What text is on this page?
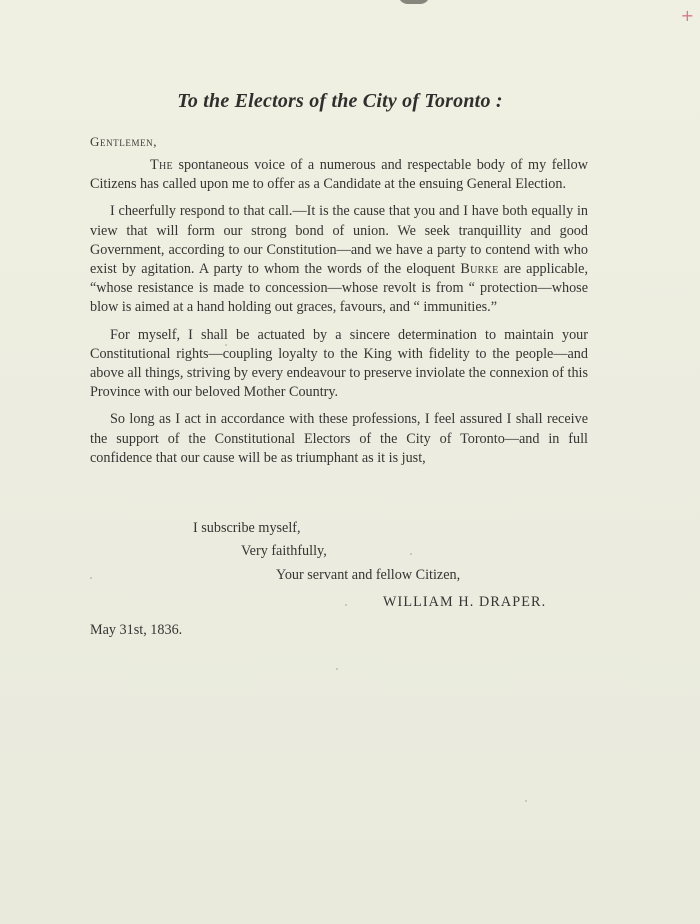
+
To the Electors of the City of Toronto :
Gentlemen,

The spontaneous voice of a numerous and respectable body of my fellow Citizens has called upon me to offer as a Candidate at the ensuing General Election.

I cheerfully respond to that call.—It is the cause that you and I have both equally in view that will form our strong bond of union. We seek tranquillity and good Government, according to our Constitution—and we have a party to contend with who exist by agitation. A party to whom the words of the eloquent Burke are applicable, “whose resistance is made to concession—whose revolt is from “ protection—whose blow is aimed at a hand holding out graces, favours, and “ immunities.”

For myself, I shall be actuated by a sincere determination to maintain your Constitutional rights—coupling loyalty to the King with fidelity to the people—and above all things, striving by every endeavour to preserve inviolate the connexion of this Province with our beloved Mother Country.

So long as I act in accordance with these professions, I feel assured I shall receive the support of the Constitutional Electors of the City of Toronto—and in full confidence that our cause will be as triumphant as it is just,

I subscribe myself,
Very faithfully,
Your servant and fellow Citizen,
WILLIAM H. DRAPER.
May 31st, 1836.
